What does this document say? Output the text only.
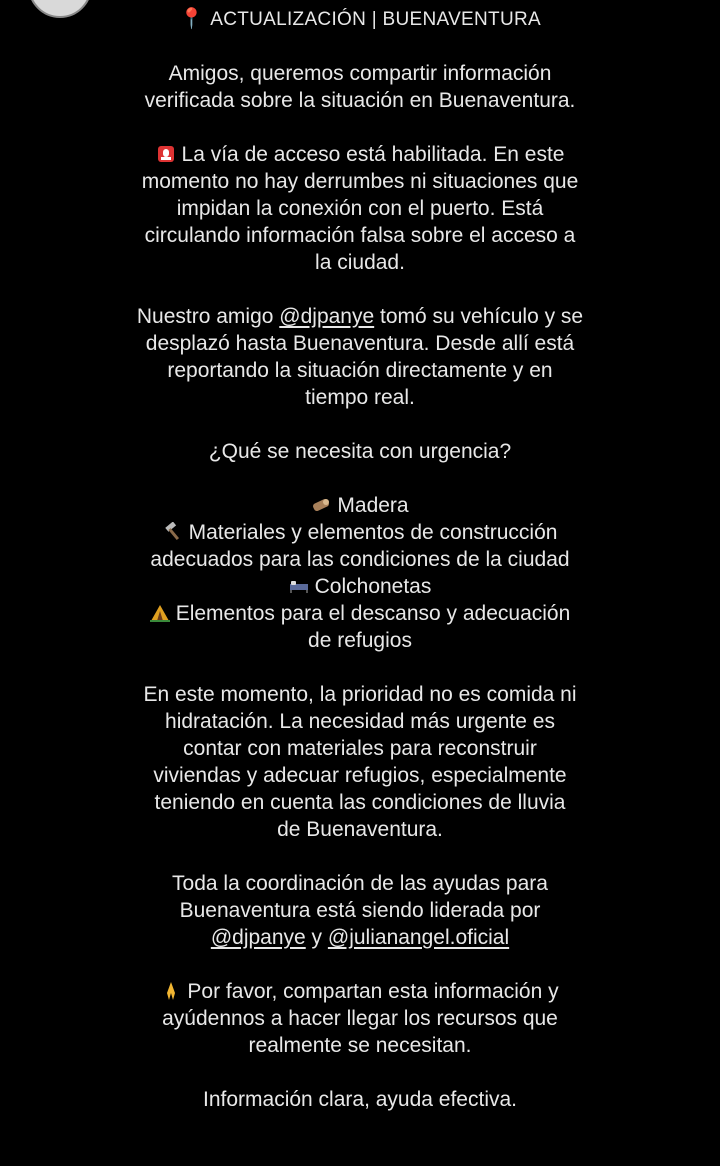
📍 ACTUALIZACIÓN | BUENAVENTURA
Amigos, queremos compartir información
verificada sobre la situación en Buenaventura.
La vía de acceso está habilitada. En este
momento no hay derrumbes ni situaciones que
impidan la conexión con el puerto. Está
circulando información falsa sobre el acceso a
la ciudad.
Nuestro amigo @djpanye tomó su vehículo y se
desplazó hasta Buenaventura. Desde allí está
reportando la situación directamente y en
tiempo real.
¿Qué se necesita con urgencia?
Madera
Materiales y elementos de construcción
adecuados para las condiciones de la ciudad
Colchonetas
Elementos para el descanso y adecuación
de refugios
En este momento, la prioridad no es comida ni
hidratación. La necesidad más urgente es
contar con materiales para reconstruir
viviendas y adecuar refugios, especialmente
teniendo en cuenta las condiciones de lluvia
de Buenaventura.
Toda la coordinación de las ayudas para
Buenaventura está siendo liderada por
@djpanye y @julianangel.oficial
Por favor, compartan esta información y
ayúdennos a hacer llegar los recursos que
realmente se necesitan.
Información clara, ayuda efectiva.
